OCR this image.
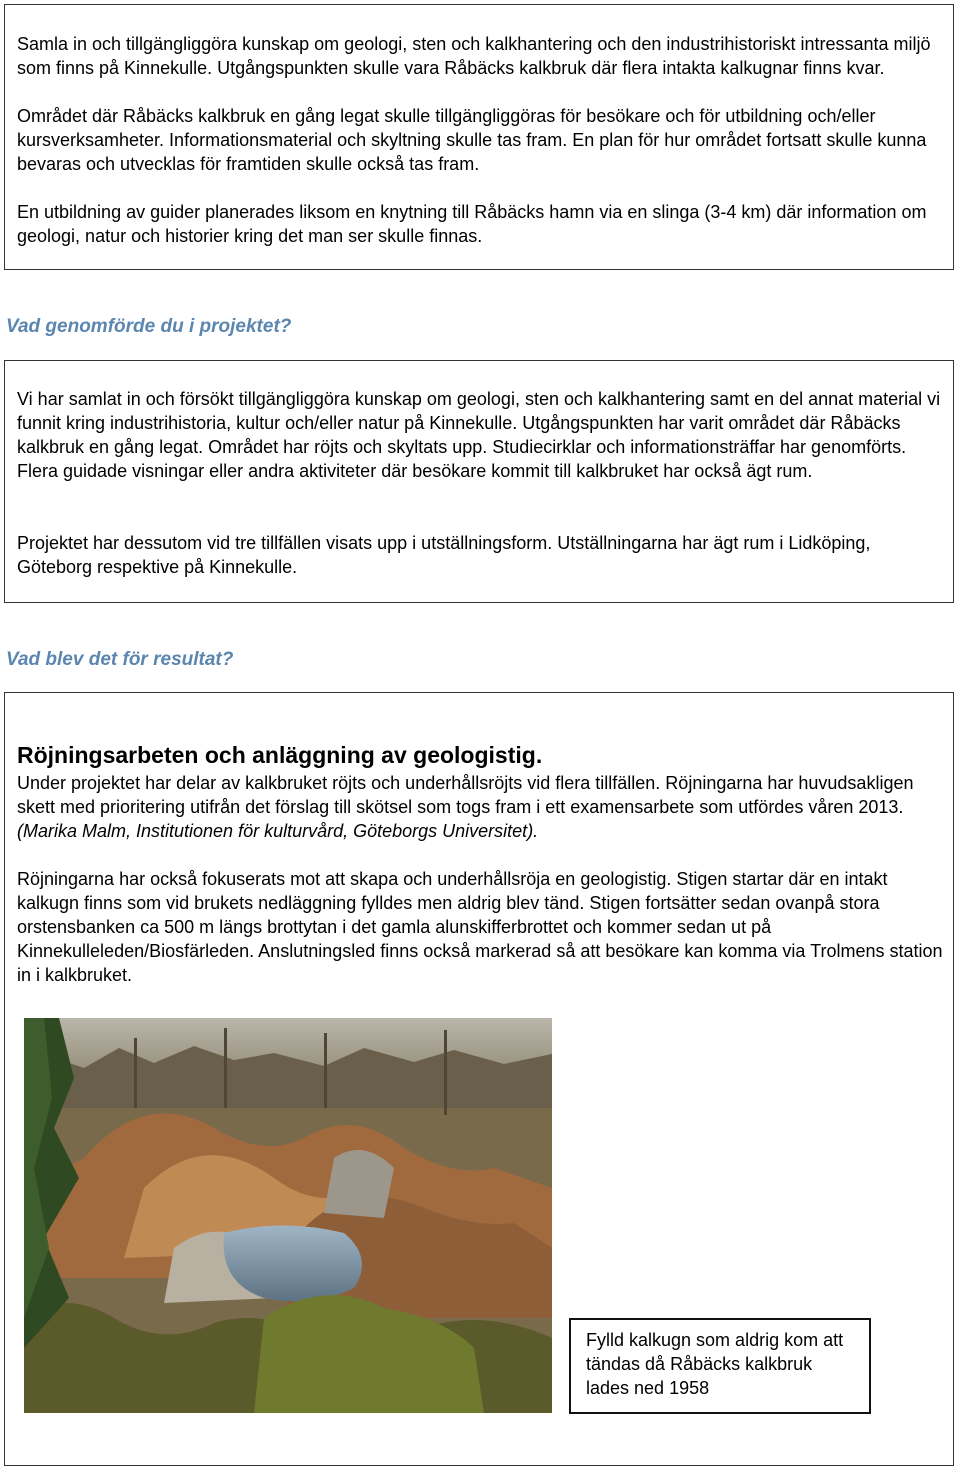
Samla in och tillgängliggöra kunskap om geologi, sten och kalkhantering och den industrihistoriskt intressanta miljö som finns på Kinnekulle. Utgångspunkten skulle vara Råbäcks kalkbruk där flera intakta kalkugnar finns kvar.

Området där Råbäcks kalkbruk en gång legat skulle tillgängliggöras för besökare och för utbildning och/eller kursverksamheter. Informationsmaterial och skyltning skulle tas fram. En plan för hur området fortsatt skulle kunna bevaras och utvecklas för framtiden skulle också tas fram.

En utbildning av guider planerades liksom en knytning till Råbäcks hamn via en slinga (3-4 km) där information om geologi, natur och historier kring det man ser skulle finnas.

Vad genomförde du i projektet?

Vi har samlat in och försökt tillgängliggöra kunskap om geologi, sten och kalkhantering samt en del annat material vi funnit kring industrihistoria, kultur och/eller natur på Kinnekulle. Utgångspunkten har varit området där Råbäcks kalkbruk en gång legat. Området har röjts och skyltats upp. Studiecirklar och informationsträffar har genomförts. Flera guidade visningar eller andra aktiviteter där besökare kommit till kalkbruket har också ägt rum.

Projektet har dessutom vid tre tillfällen visats upp i utställningsform. Utställningarna har ägt rum i Lidköping, Göteborg respektive på Kinnekulle.

Vad blev det för resultat?
Röjningsarbeten och anläggning av geologistig.

Under projektet har delar av kalkbruket röjts och underhållsröjts vid flera tillfällen. Röjningarna har huvudsakligen skett med prioritering utifrån det förslag till skötsel som togs fram i ett examensarbete som utfördes våren 2013. (Marika Malm, Institutionen för kulturvård, Göteborgs Universitet).

Röjningarna har också fokuserats mot att skapa och underhållsröja en geologistig. Stigen startar där en intakt kalkugn finns som vid brukets nedläggning fylldes men aldrig blev tänd. Stigen fortsätter sedan ovanpå stora orstensbanken ca 500 m längs brottytan i det gamla alunskifferbrottet och kommer sedan ut på Kinnekulleleden/Biosfärleden. Anslutningsled finns också markerad så att besökare kan komma via Trolmens station in i kalkbruket.

Fylld kalkugn som aldrig kom att tändas då Råbäcks kalkbruk lades ned 1958
